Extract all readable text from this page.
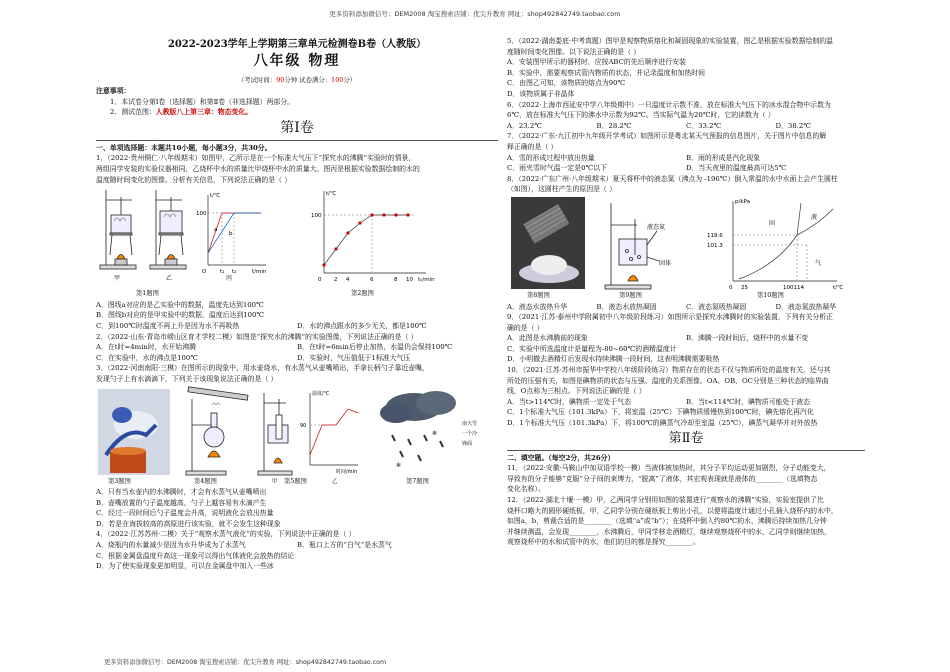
更多资料添加微信号：DEM2008 淘宝搜索店铺：优尖升教育 网址：shop492842749.taobao.com
2022-2023学年上学期第三章单元检测卷B卷（人教版）
八年级 物理
（考试时间：90分钟 试卷满分：100分）
注意事项：
1．本试卷分第Ⅰ卷（选择题）和第Ⅱ卷（非选择题）两部分。
2．测试范围：人教版八上第三章：物态变化。
第Ⅰ卷
一、单项选择题：本题共10小题，每小题3分，共30分。
1．（2022·贵州铜仁·八年级期末）如图甲，乙所示是在一个标准大气压下“探究水的沸腾”实验时的情景，
两组同学安装的实验仪器相同，乙烧杯中水的质量比甲烧杯中水的质量大。图丙是根据实验数据绘制的水的
温度随时间变化的图像。分析有关信息，下列说法正确的是（ ）
甲	乙
t/℃
100
a
b
t₁ t₂
O	t/min
丙
t/℃
100
0 2 4	6	8 10 t₀/min
第1题图	第2题图
A．图线a对应的是乙实验中的数据，温度先达到100℃
B．图线b对应的是甲实验中的数据，温度后达到100℃
C．到100℃时温度不再上升是因为水不再吸热	D．水的沸点跟水的多少无关，都是100℃
2．（2022·山东·青岛市崂山区育才学校二模）如图是“探究水的沸腾”的实验图像，下列说法正确的是（ ）
A．在t时=4min时，水开始沸腾	B．在t时=6min后停止加热，水温仍会保持100℃
C．在实验中，水的沸点是100℃	D．实验时，气压值低于1标准大气压
3．（2022·河南南阳·三模）在图所示的现象中，用水壶烧水，有水蒸气从壶嘴喷出，手拿长柄勺子靠近壶嘴，
发现勺子上有水滴滴下，下列关于该现象说法正确的是（ ）
甲
温度/℃
90
时间/min
乙
✻
✻
南天雪
一个冷
锋面
第3题图	第4题图	第5题图	第7题图
A．只有当水壶内的水沸腾时，才会有水蒸气从壶嘴喷出
B．壶嘴放置的勺子温度越高，勺子上越容易有水滴产生
C．经过一段时间后勺子温度会升高，说明液化会放出热量
D．若是在海拔较高的高原进行该实验，就不会发生这种现象
4．（2022·江苏苏州·二模）关于“观察水蒸气液化”的实验，下列说法中正确的是（ ）
A．烧瓶内的水量减少是因为水升华成为了水蒸气	B．瓶口上方的“白气”是水蒸气
C．根据金属盘温度升高这一现象可以得出气体液化会放热的结论
D．为了使实验现象更加明显，可以在金属盘中加入一些冰
5．（2022·湖南娄底·中考真题）图甲是观察物质熔化和凝固现象的实验装置，图乙是根据实验数据绘制的温
度随时间变化图像。以下说法正确的是（ ）
A．安装图甲所示的器材时，应按ABC的先后顺序进行安装
B．实验中，需要观察试管内物质的状态，并记录温度和加热时间
C．由图乙可知，该物质的熔点为90℃
D．该物质属于非晶体
6．（2022·上海市西延安中学八年级期中）一只温度计示数不准，放在标准大气压下的冰水混合物中示数为
6℃，放在标准大气压下的沸水中示数为92℃。当实际气温为20℃时，它的读数为（ ）
A．23.2℃	B．28.2℃	C．33.2℃	D．38.2℃
7．（2022·广东·九江初中九年级开学考试）如图所示是粤北某天气预报的信息图片，关于图片中信息的解
释正确的是（ ）
A．雪的形成过程中放出热量	B．雨的形成是汽化现象
C．雨夹雪时气温一定是0℃以下	D．当天夜里的温度最高可达5℃
8．（2022·广东广州·八年级期末）夏天将杯中的液态氮（沸点为 -196℃）倒入常温的水中水面上会产生圆柱
（如图），这圆柱产生的原因是（ ）
液态氮
固体
p/kPa
119.6
101.3
固
液
气
0 25	100114	t/℃
第8题图	第9题图	第10题图
A．液态水放热升华	B．液态水放热凝固	C．液态氮吸热凝固	D．液态氮放热凝华
9．（2021·江苏·泰州中学附属初中八年级阶段练习）如图所示是探究水沸腾时的实验装置，下列有关分析正
确的是（ ）
A．此图是水沸腾前的现象	B．沸腾一段时间后，烧杯中的水量不变
C．实验中所选温度计是量程为-80~60℃的酒精温度计
D．小明撤去酒精灯后发现水持续沸腾一段时间，这表明沸腾需要吸热
10．（2021·江苏·苏州市振华中学校八年级阶段练习）物质存在的状态不仅与物质所处的温度有关，还与其
所处的压强有关，如图是碘物质的状态与压强、温度的关系图像。OA、OB、OC分别是三种状态的临界曲
线，O点称为三相点。下列说法正确的是（ ）
A．当t>114℃时，碘物质一定处于气态	B．当t<114℃时，碘物质可能处于液态
C．1个标准大气压（101.3kPa）下，将室温（25℃）下碘物质缓慢热到100℃时，碘先熔化再汽化
D．1个标准大气压（101.3kPa）下，将100℃的碘蒸气冷却至室温（25℃），碘蒸气凝华并对外放热
第Ⅱ卷
二、填空题。（每空2分，共26分）
11．（2022·安徽·马鞍山中加双语学校一模）当液体被加热时，其分子平均运动更加剧烈，分子动能变大，
导致有的分子能够“克服”分子间的束缚力，“脱离”了液体，其宏观表现就是液体的________（选填物态
变化名称）。
12．（2022·湖北十堰·一模）甲，乙两同学分别用如图的装置进行“观察水的沸腾”实验，实验室提供了比
烧杯口略大的圆形硬纸板，甲，乙同学分别在硬纸板上剪出小孔，以便将温度计通过小孔插入烧杯内的水中，
如图a，b，剪裁合适的是________（选填“a”或“b”）；在烧杯中倒入约80℃的水，沸腾后持续加热几分钟
并继续测温，会发现________，水沸腾后，甲同学移走酒精灯，继续观察烧杯中的水，乙同学则继续加热，
观察烧杯中的水和试管中的水，他们的目的都是探究________。
更多资料添加微信号：DEM2008 淘宝搜索店铺：优尖升教育 网址：shop492842749.taobao.com
